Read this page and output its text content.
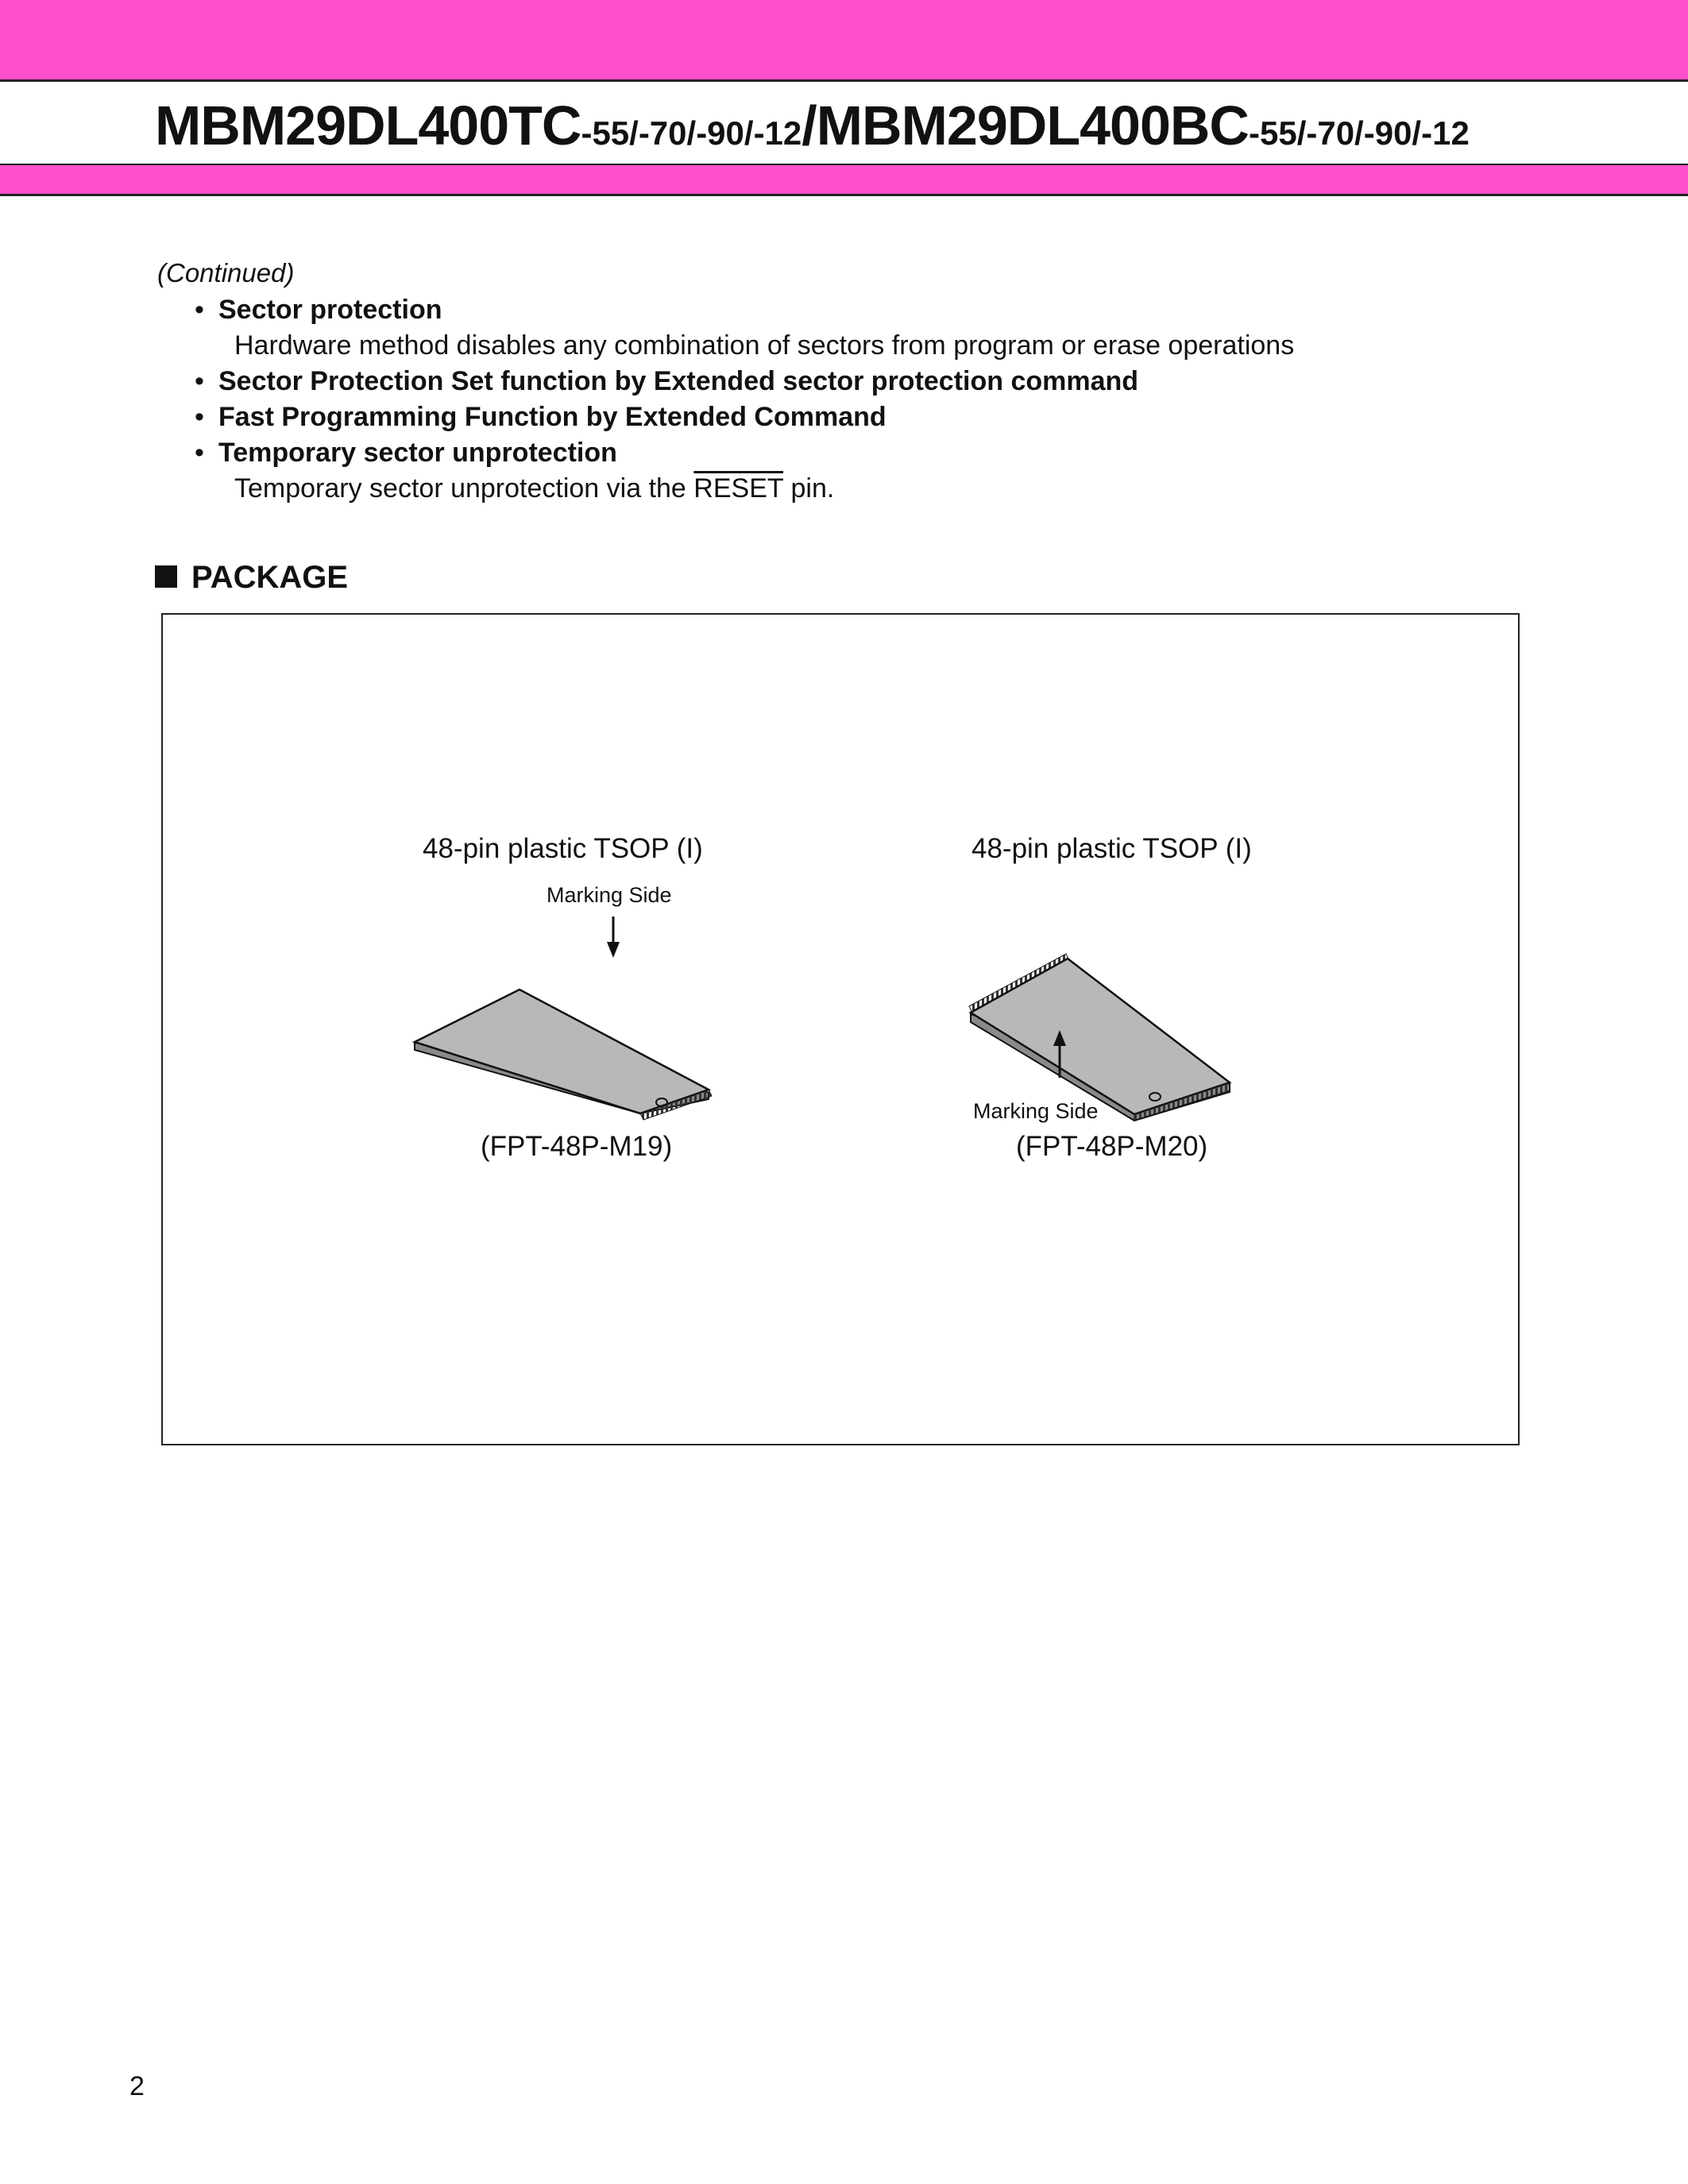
MBM29DL400TC-55/-70/-90/-12/MBM29DL400BC-55/-70/-90/-12
(Continued)
• Sector protection
Hardware method disables any combination of sectors from program or erase operations
• Sector Protection Set function by Extended sector protection command
• Fast Programming Function by Extended Command
• Temporary sector unprotection
Temporary sector unprotection via the RESET pin.
PACKAGE
48-pin plastic TSOP (I)
Marking Side
(FPT-48P-M19)
48-pin plastic TSOP (I)
Marking Side
(FPT-48P-M20)
2
